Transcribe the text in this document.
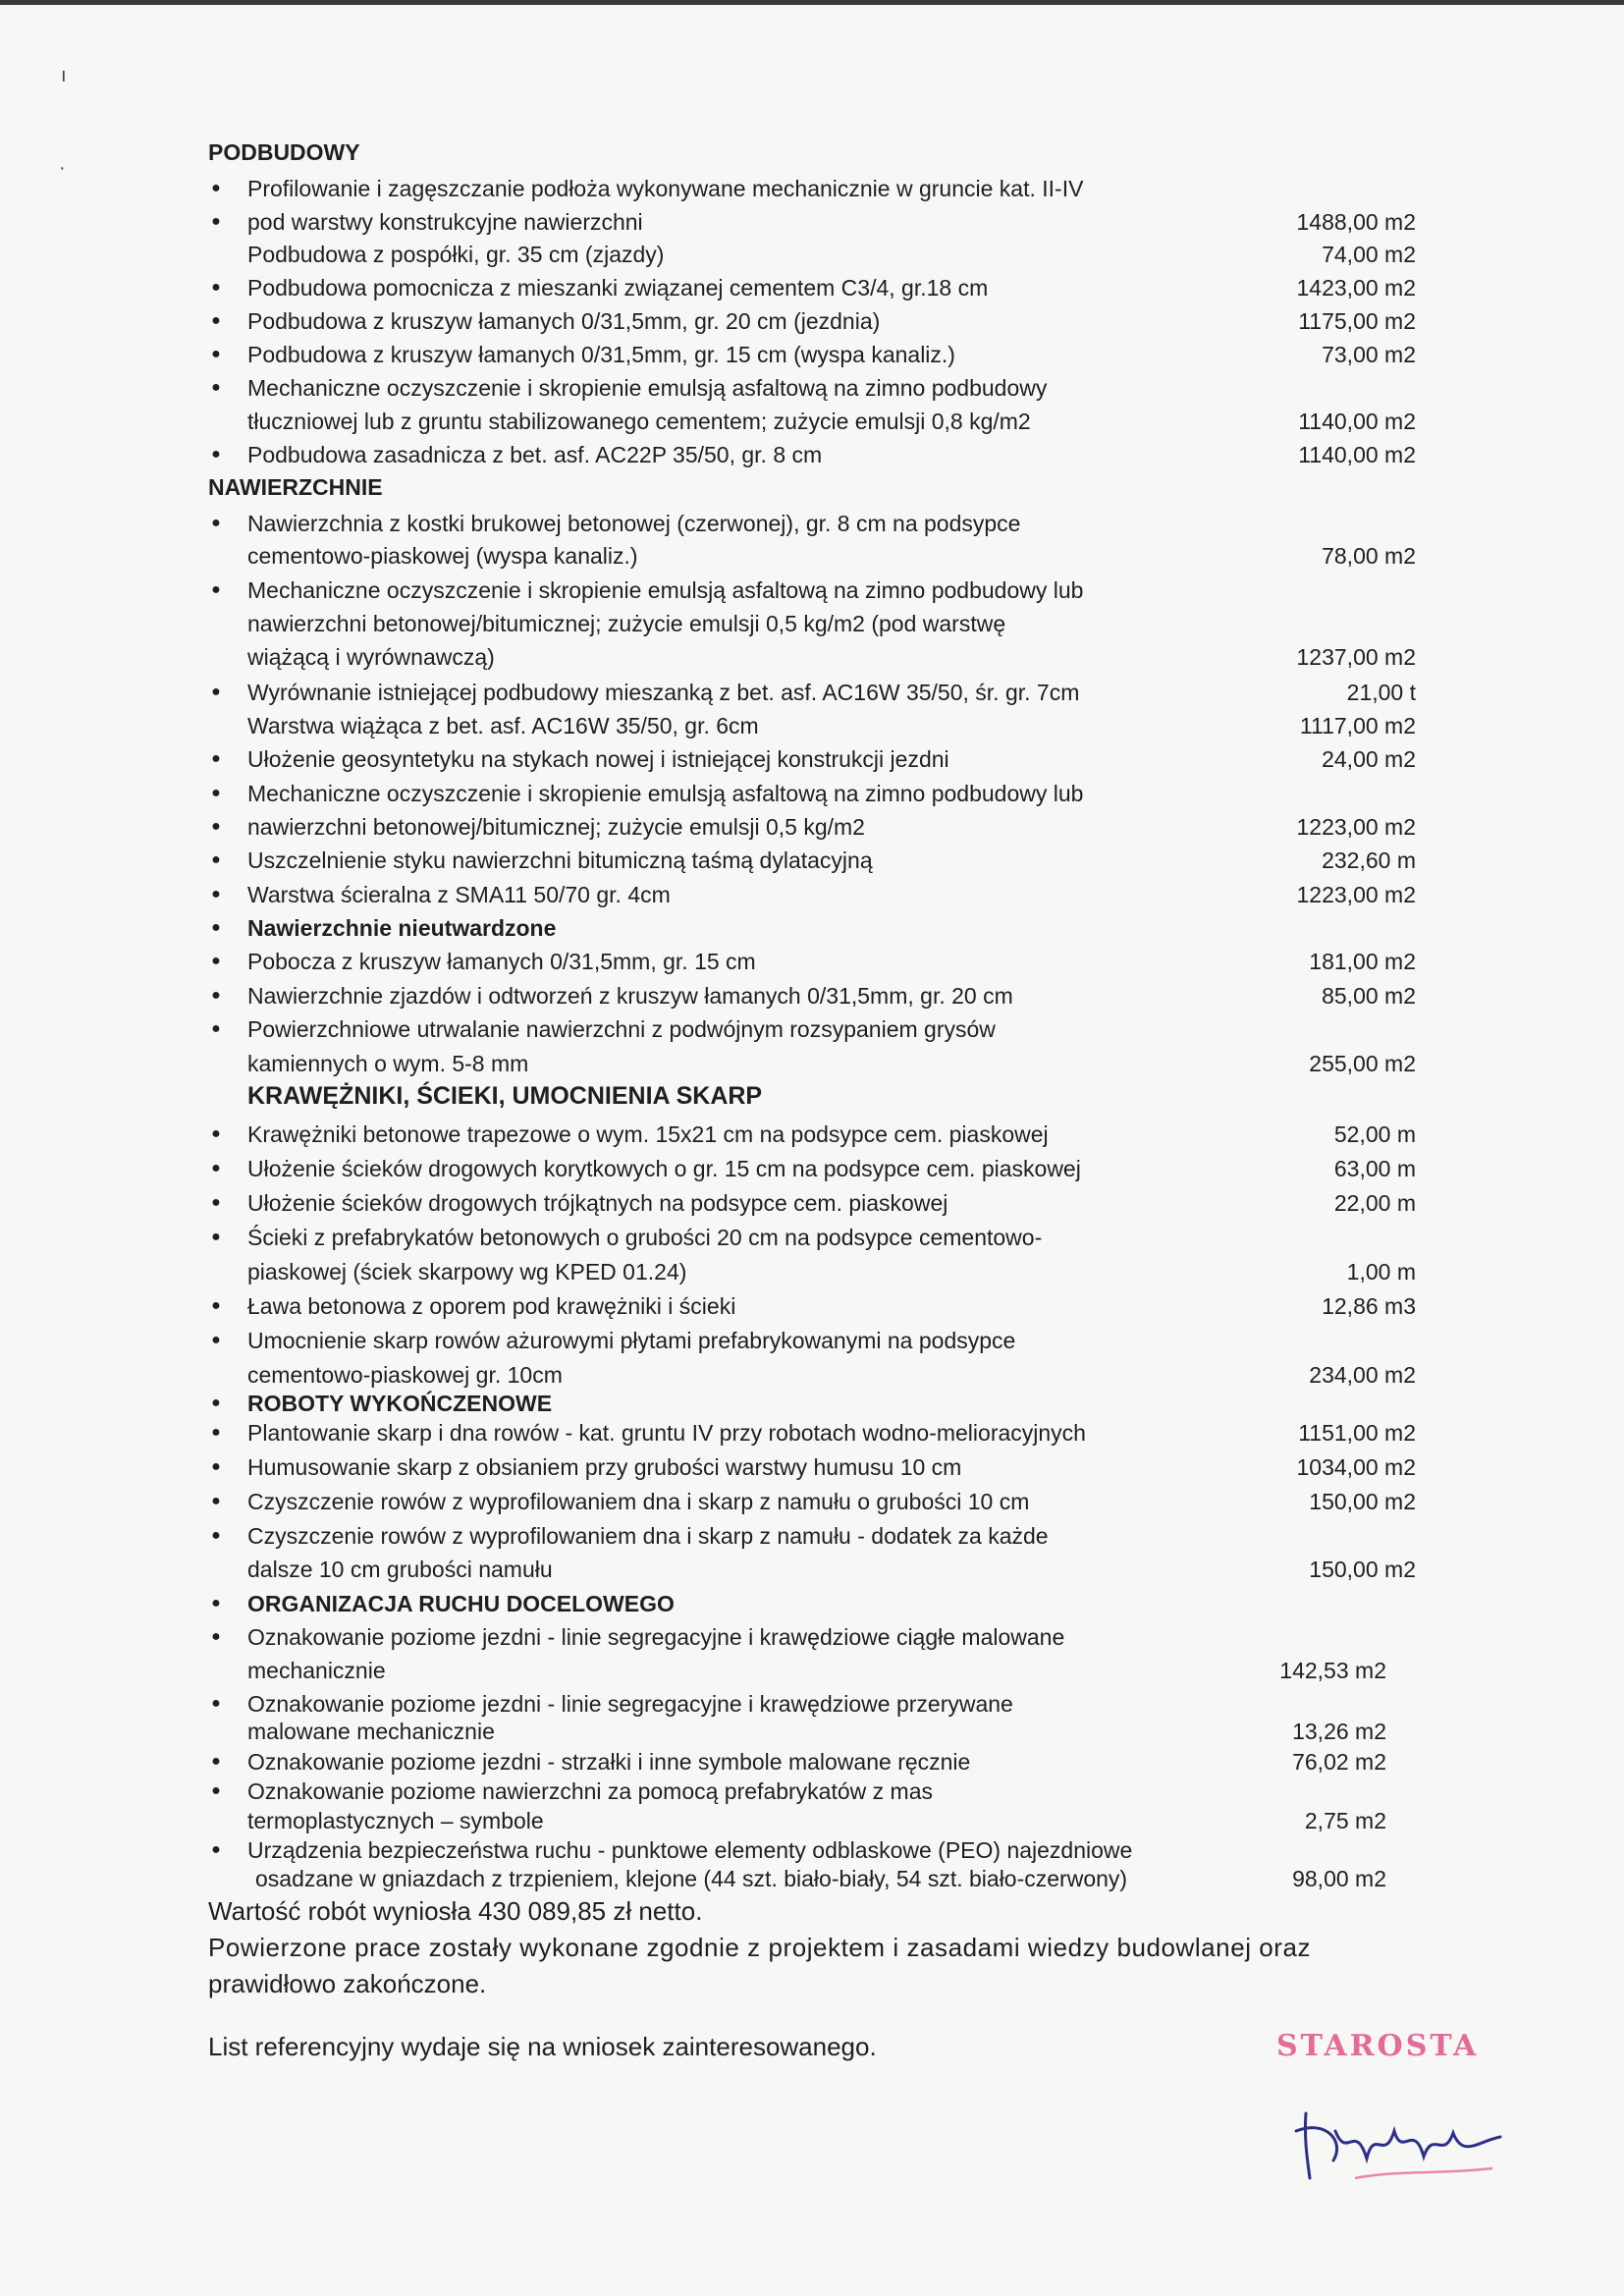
PODBUDOWY
● Profilowanie i zagęszczanie podłoża wykonywane mechanicznie w gruncie kat. II-IV
● pod warstwy konstrukcyjne nawierzchni	1488,00 m2
Podbudowa z pospółki, gr. 35 cm (zjazdy)	74,00 m2
● Podbudowa pomocnicza z mieszanki związanej cementem C3/4, gr.18 cm	1423,00 m2
● Podbudowa z kruszyw łamanych 0/31,5mm, gr. 20 cm (jezdnia)	1175,00 m2
● Podbudowa z kruszyw łamanych 0/31,5mm, gr. 15 cm (wyspa kanaliz.)	73,00 m2
● Mechaniczne oczyszczenie i skropienie emulsją asfaltową na zimno podbudowy
tłuczniowej lub z gruntu stabilizowanego cementem; zużycie emulsji 0,8 kg/m2	1140,00 m2
● Podbudowa zasadnicza z bet. asf. AC22P 35/50, gr. 8 cm	1140,00 m2
NAWIERZCHNIE
● Nawierzchnia z kostki brukowej betonowej (czerwonej), gr. 8 cm na podsypce
cementowo-piaskowej (wyspa kanaliz.)	78,00 m2
● Mechaniczne oczyszczenie i skropienie emulsją asfaltową na zimno podbudowy lub
nawierzchni betonowej/bitumicznej; zużycie emulsji 0,5 kg/m2 (pod warstwę
wiążącą i wyrównawczą)	1237,00 m2
● Wyrównanie istniejącej podbudowy mieszanką z bet. asf. AC16W 35/50, śr. gr. 7cm	21,00 t
Warstwa wiążąca z bet. asf. AC16W 35/50, gr. 6cm	1117,00 m2
● Ułożenie geosyntetyku na stykach nowej i istniejącej konstrukcji jezdni	24,00 m2
● Mechaniczne oczyszczenie i skropienie emulsją asfaltową na zimno podbudowy lub
● nawierzchni betonowej/bitumicznej; zużycie emulsji 0,5 kg/m2	1223,00 m2
● Uszczelnienie styku nawierzchni bitumiczną taśmą dylatacyjną	232,60 m
● Warstwa ścieralna z SMA11 50/70 gr. 4cm	1223,00 m2
● Nawierzchnie nieutwardzone
● Pobocza z kruszyw łamanych 0/31,5mm, gr. 15 cm	181,00 m2
● Nawierzchnie zjazdów i odtworzeń z kruszyw łamanych 0/31,5mm, gr. 20 cm	85,00 m2
● Powierzchniowe utrwalanie nawierzchni z podwójnym rozsypaniem grysów
kamiennych o wym. 5-8 mm	255,00 m2
KRAWĘŻNIKI, ŚCIEKI, UMOCNIENIA SKARP
● Krawężniki betonowe trapezowe o wym. 15x21 cm na podsypce cem. piaskowej	52,00 m
● Ułożenie ścieków drogowych korytkowych o gr. 15 cm na podsypce cem. piaskowej	63,00 m
● Ułożenie ścieków drogowych trójkątnych na podsypce cem. piaskowej	22,00 m
● Ścieki z prefabrykatów betonowych o grubości 20 cm na podsypce cementowo-
piaskowej (ściek skarpowy wg KPED 01.24)	1,00 m
● Ława betonowa z oporem pod krawężniki i ścieki	12,86 m3
● Umocnienie skarp rowów ażurowymi płytami prefabrykowanymi na podsypce
cementowo-piaskowej gr. 10cm	234,00 m2
● ROBOTY WYKOŃCZENOWE
● Plantowanie skarp i dna rowów - kat. gruntu IV przy robotach wodno-melioracyjnych	1151,00 m2
● Humusowanie skarp z obsianiem przy grubości warstwy humusu 10 cm	1034,00 m2
● Czyszczenie rowów z wyprofilowaniem dna i skarp z namułu o grubości 10 cm	150,00 m2
● Czyszczenie rowów z wyprofilowaniem dna i skarp z namułu - dodatek za każde
dalsze 10 cm grubości namułu	150,00 m2
● ORGANIZACJA RUCHU DOCELOWEGO
● Oznakowanie poziome jezdni - linie segregacyjne i krawędziowe ciągłe malowane
mechanicznie	142,53 m2
● Oznakowanie poziome jezdni - linie segregacyjne i krawędziowe przerywane
malowane mechanicznie	13,26 m2
● Oznakowanie poziome jezdni - strzałki i inne symbole malowane ręcznie	76,02 m2
● Oznakowanie poziome nawierzchni za pomocą prefabrykatów z mas
termoplastycznych – symbole	2,75 m2
● Urządzenia bezpieczeństwa ruchu - punktowe elementy odblaskowe (PEO) najezdniowe
osadzane w gniazdach z trzpieniem, klejone (44 szt. biało-biały, 54 szt. biało-czerwony)	98,00 m2
Wartość robót wyniosła 430 089,85 zł netto.
Powierzone prace zostały wykonane zgodnie z projektem i zasadami wiedzy budowlanej oraz
prawidłowo zakończone.
List referencyjny wydaje się na wniosek zainteresowanego.	STAROSTA
ı
·
